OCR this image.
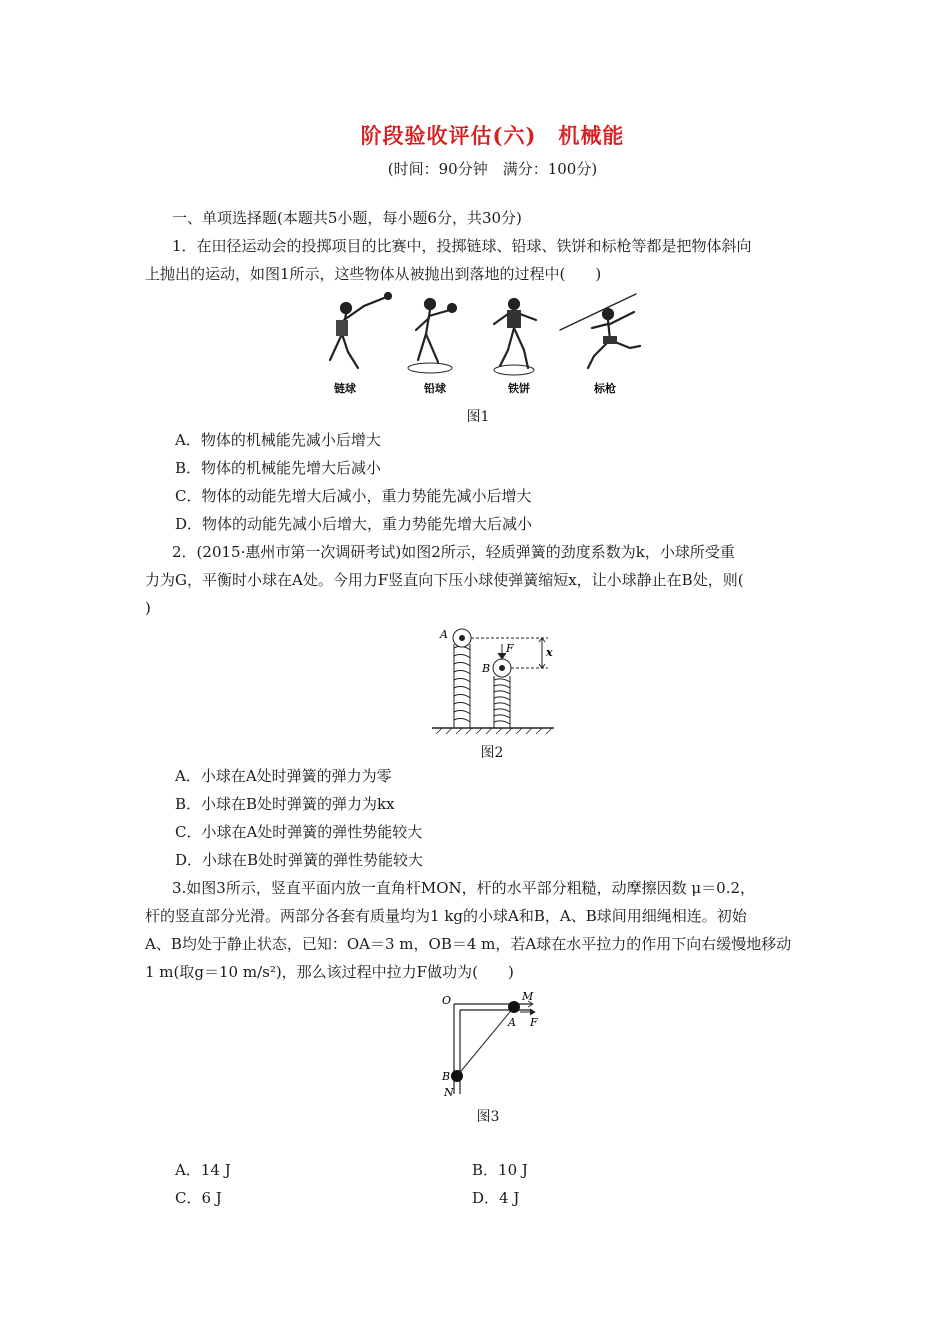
阶段验收评估(六)　机械能
(时间：90分钟　满分：100分)
一、单项选择题(本题共5小题，每小题6分，共30分)
1．在田径运动会的投掷项目的比赛中，投掷链球、铅球、铁饼和标枪等都是把物体斜向
上抛出的运动，如图1所示，这些物体从被抛出到落地的过程中(　　)
链球	铅球	铁饼	标枪
图1
A．物体的机械能先减小后增大
B．物体的机械能先增大后减小
C．物体的动能先增大后减小，重力势能先减小后增大
D．物体的动能先减小后增大，重力势能先增大后减小
2．(2015·惠州市第一次调研考试)如图2所示，轻质弹簧的劲度系数为k，小球所受重
力为G，平衡时小球在A处。今用力F竖直向下压小球使弹簧缩短x，让小球静止在B处，则(
)
A
B
F	x
图2
A．小球在A处时弹簧的弹力为零
B．小球在B处时弹簧的弹力为kx
C．小球在A处时弹簧的弹性势能较大
D．小球在B处时弹簧的弹性势能较大
3.如图3所示，竖直平面内放一直角杆MON，杆的水平部分粗糙，动摩擦因数 μ＝0.2，
杆的竖直部分光滑。两部分各套有质量均为1 kg的小球A和B，A、B球间用细绳相连。初始
A、B均处于静止状态，已知：OA＝3 m，OB＝4 m，若A球在水平拉力的作用下向右缓慢地移动
1 m(取g＝10 m/s²)，那么该过程中拉力F做功为(　　)
O	M
A F
B
N
图3
A．14 J	B．10 J
C．6 J	D．4 J
